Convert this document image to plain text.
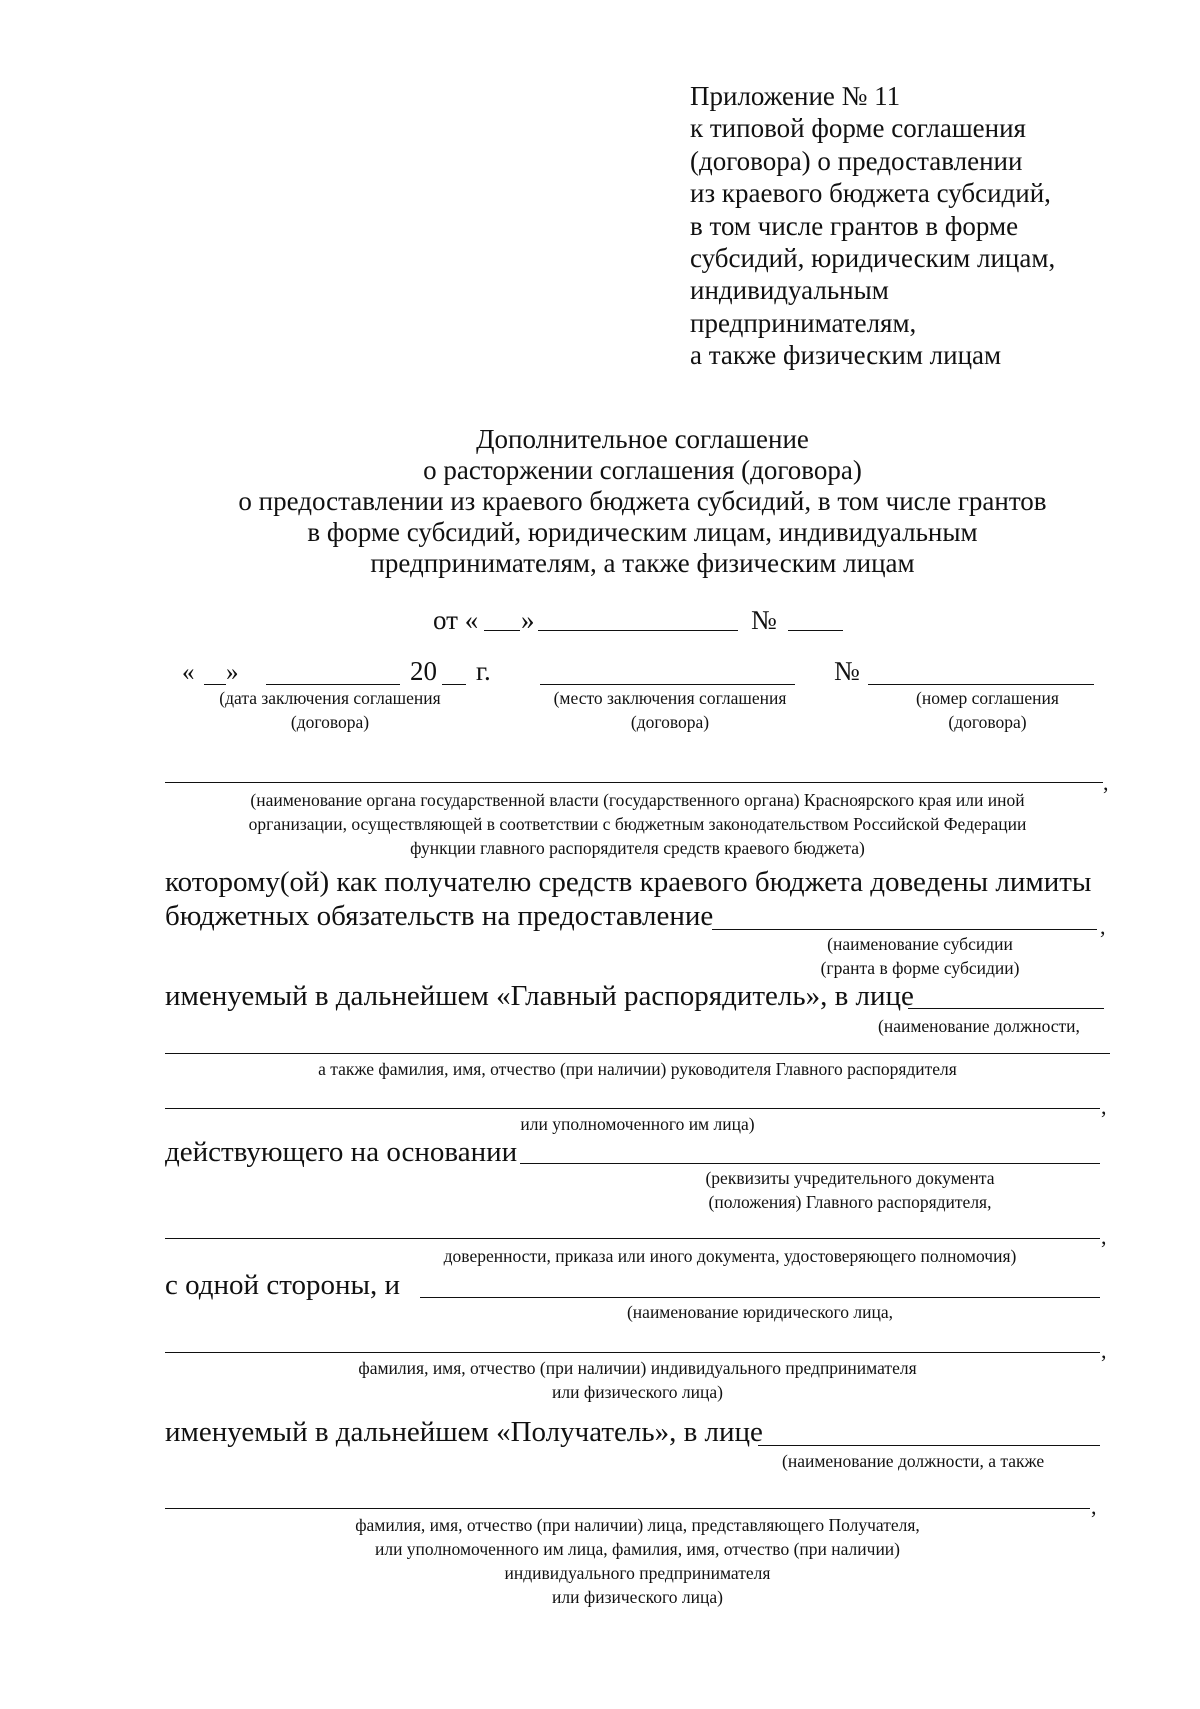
Приложение № 11
к типовой форме соглашения
(договора) о предоставлении
из краевого бюджета субсидий,
в том числе грантов в форме
субсидий, юридическим лицам,
индивидуальным
предпринимателям,
а также физическим лицам
Дополнительное соглашение
о расторжении соглашения (договора)
о предоставлении из краевого бюджета субсидий, в том числе грантов
в форме субсидий, юридическим лицам, индивидуальным
предпринимателям, а также физическим лицам
от « »	№
« »	20 г.	№
(дата заключения соглашения
(договора)
(место заключения соглашения
(договора)
(номер соглашения
(договора)
,
(наименование органа государственной власти (государственного органа) Красноярского края или иной
организации, осуществляющей в соответствии с бюджетным законодательством Российской Федерации
функции главного распорядителя средств краевого бюджета)
которому(ой) как получателю средств краевого бюджета доведены лимиты
бюджетных обязательств на предоставление	,
(наименование субсидии
(гранта в форме субсидии)
именуемый в дальнейшем «Главный распорядитель», в лице
(наименование должности,
а также фамилия, имя, отчество (при наличии) руководителя Главного распорядителя
,
или уполномоченного им лица)
действующего на основании
(реквизиты учредительного документа
(положения) Главного распорядителя,
,
доверенности, приказа или иного документа, удостоверяющего полномочия)
с одной стороны, и
(наименование юридического лица,
,
фамилия, имя, отчество (при наличии) индивидуального предпринимателя
или физического лица)
именуемый в дальнейшем «Получатель», в лице
(наименование должности, а также
,
фамилия, имя, отчество (при наличии) лица, представляющего Получателя,
или уполномоченного им лица, фамилия, имя, отчество (при наличии)
индивидуального предпринимателя
или физического лица)
